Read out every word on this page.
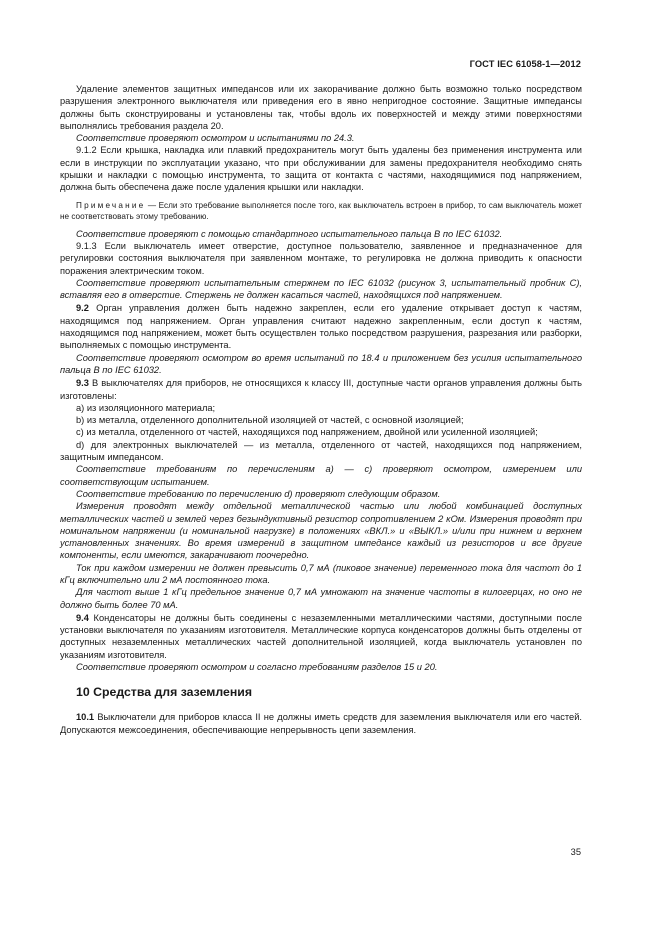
ГОСТ IEC 61058-1—2012

Удаление элементов защитных импедансов или их закорачивание должно быть возможно только посредством разрушения электронного выключателя или приведения его в явно непригодное состояние. Защитные импедансы должны быть сконструированы и установлены так, чтобы вдоль их поверхностей и между этими поверхностями выполнялись требования раздела 20.

Соответствие проверяют осмотром и испытаниями по 24.3.

9.1.2 Если крышка, накладка или плавкий предохранитель могут быть удалены без применения инструмента или если в инструкции по эксплуатации указано, что при обслуживании для замены предохранителя необходимо снять крышки и накладки с помощью инструмента, то защита от контакта с частями, находящимися под напряжением, должна быть обеспечена даже после удаления крышки или накладки.

Примечание — Если это требование выполняется после того, как выключатель встроен в прибор, то сам выключатель может не соответствовать этому требованию.

Соответствие проверяют с помощью стандартного испытательного пальца В по IEC 61032.

9.1.3 Если выключатель имеет отверстие, доступное пользователю, заявленное и предназначенное для регулировки состояния выключателя при заявленном монтаже, то регулировка не должна приводить к опасности поражения электрическим током.

Соответствие проверяют испытательным стержнем по IEC 61032 (рисунок 3, испытательный пробник С), вставляя его в отверстие. Стержень не должен касаться частей, находящихся под напряжением.

9.2 Орган управления должен быть надежно закреплен, если его удаление открывает доступ к частям, находящимся под напряжением. Орган управления считают надежно закрепленным, если доступ к частям, находящимся под напряжением, может быть осуществлен только посредством разрушения, разрезания или разборки, выполняемых с помощью инструмента.

Соответствие проверяют осмотром во время испытаний по 18.4 и приложением без усилия испытательного пальца В по IEC 61032.

9.3 В выключателях для приборов, не относящихся к классу III, доступные части органов управления должны быть изготовлены:

a) из изоляционного материала;

b) из металла, отделенного дополнительной изоляцией от частей, с основной изоляцией;

c) из металла, отделенного от частей, находящихся под напряжением, двойной или усиленной изоляцией;

d) для электронных выключателей — из металла, отделенного от частей, находящихся под напряжением, защитным импедансом.

Соответствие требованиям по перечислениям а) — с) проверяют осмотром, измерением или соответствующим испытанием.

Соответствие требованию по перечислению d) проверяют следующим образом.

Измерения проводят между отдельной металлической частью или любой комбинацией доступных металлических частей и землей через безындуктивный резистор сопротивлением 2 кОм. Измерения проводят при номинальном напряжении (и номинальной нагрузке) в положениях «ВКЛ.» и «ВЫКЛ.» и/или при нижнем и верхнем установленных значениях. Во время измерений в защитном импедансе каждый из резисторов и все другие компоненты, если имеются, закарачивают поочередно.

Ток при каждом измерении не должен превысить 0,7 мА (пиковое значение) переменного тока для частот до 1 кГц включительно или 2 мА постоянного тока.

Для частот выше 1 кГц предельное значение 0,7 мА умножают на значение частоты в килогерцах, но оно не должно быть более 70 мА.

9.4 Конденсаторы не должны быть соединены с незаземленными металлическими частями, доступными после установки выключателя по указаниям изготовителя. Металлические корпуса конденсаторов должны быть отделены от доступных незаземленных металлических частей дополнительной изоляцией, когда выключатель установлен по указаниям изготовителя.

Соответствие проверяют осмотром и согласно требованиям разделов 15 и 20.

10 Средства для заземления

10.1 Выключатели для приборов класса II не должны иметь средств для заземления выключателя или его частей. Допускаются межсоединения, обеспечивающие непрерывность цепи заземления.

35
